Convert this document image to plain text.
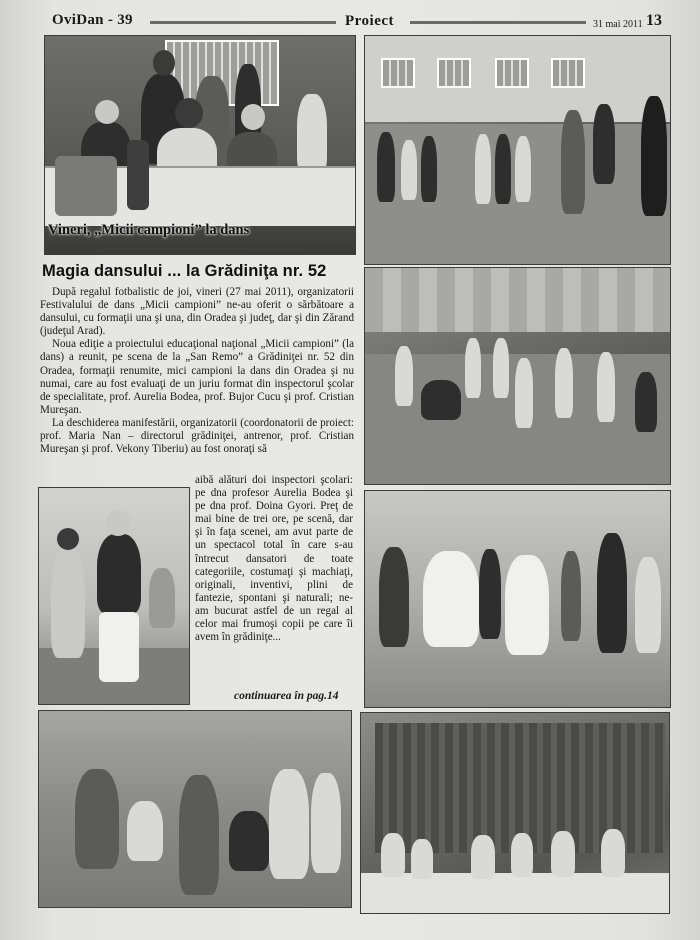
OviDan - 39	Proiect	31 mai 2011 13
Vineri, „Micii campioni” la dans
Magia dansului ... la Grădiniţa nr. 52

După regalul fotbalistic de joi, vineri (27 mai 2011), organizatorii Festivalului de dans „Micii campioni” ne-au oferit o sărbătoare a dansului, cu formaţii una şi una, din Oradea şi judeţ, dar şi din Zărand (judeţul Arad).

Noua ediţie a proiectului educaţional naţional „Micii campioni” (la dans) a reunit, pe scena de la „San Remo” a Grădiniţei nr. 52 din Oradea, formaţii renumite, mici campioni la dans din Oradea şi nu numai, care au fost evaluaţi de un juriu format din inspectorul şcolar de specialitate, prof. Aurelia Bodea, prof. Bujor Cucu şi prof. Cristian Mureşan.

La deschiderea manifestării, organizatorii (coordonatorii de proiect: prof. Maria Nan – directorul grădiniţei, antrenor, prof. Cristian Mureşan şi prof. Vekony Tiberiu) au fost onoraţi să

aibă alături doi inspectori şcolari: pe dna profesor Aurelia Bodea şi pe dna prof. Doina Gyori. Preţ de mai bine de trei ore, pe scenă, dar şi în faţa scenei, am avut parte de un spectacol total în care s-au întrecut dansatori de toate categoriile, costumaţi şi machiaţi, originali, inventivi, plini de fantezie, spontani şi naturali; ne-am bucurat astfel de un regal al celor mai frumoşi copii pe care îi avem în grădiniţe...

continuarea în pag.14
